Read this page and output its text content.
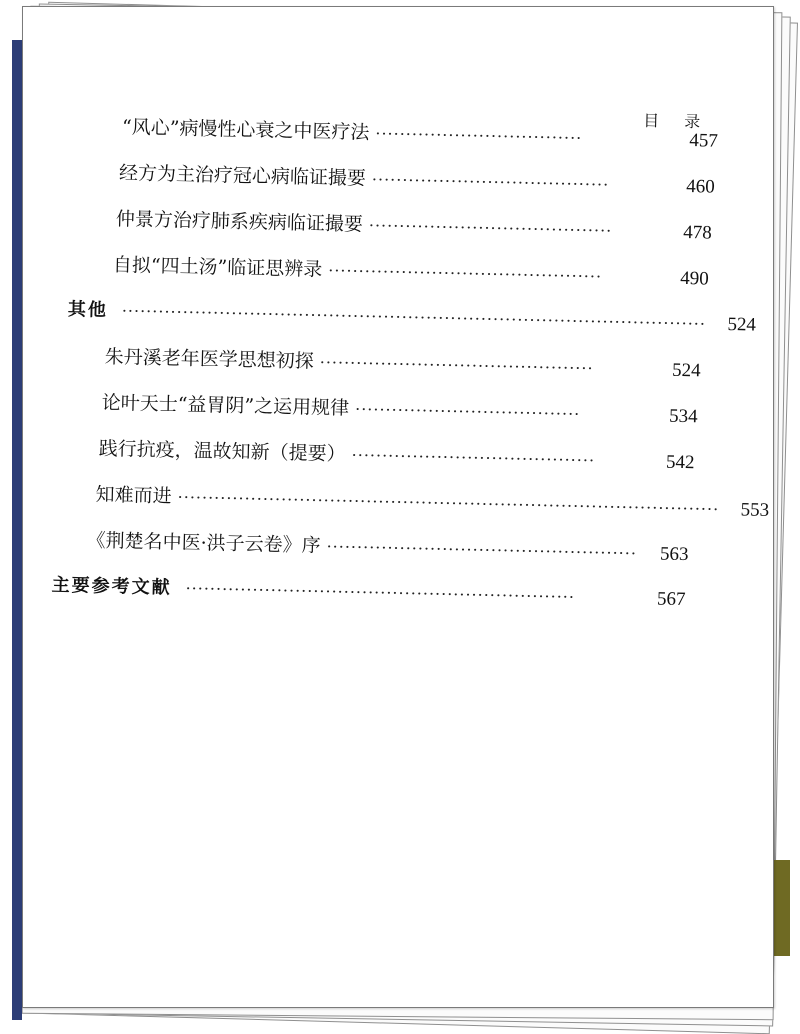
目 录
“风心”病慢性心衰之中医疗法 ··································	457
经方为主治疗冠心病临证撮要 ·······································	460
仲景方治疗肺系疾病临证撮要 ········································	478
自拟“四土汤”临证思辨录 ·············································	490
其他 ································································································	524
朱丹溪老年医学思想初探 ·············································	524
论叶天士“益胃阴”之运用规律 ·····································	534
践行抗疫，温故知新（提要） ········································	542
知难而进 ·························································································	553
《荆楚名中医·洪子云卷》序 ···················································	563
主要参考文献 ································································	567
